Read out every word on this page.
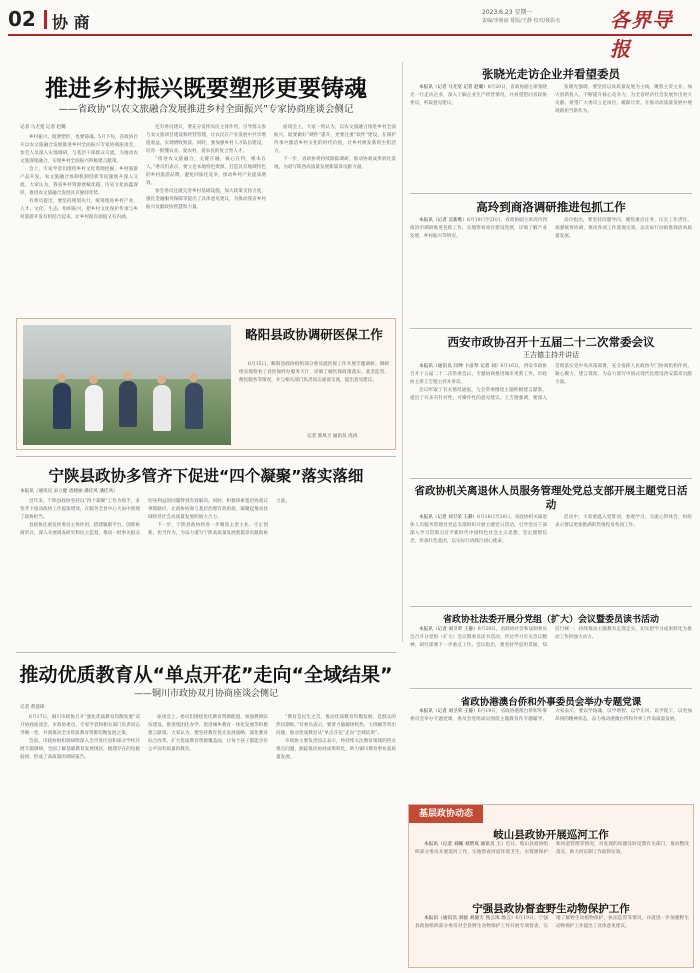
02 协 商
2023.6.23 星期一
责编/李萌丽 排版/王静 校对/聂影名 各界导报
推进乡村振兴既要塑形更要铸魂
——省政协“以农文旅融合发展推进乡村全面振兴”专家协商座谈会侧记
记者 马尤宽 记者 赵璐

乡村振兴，既要塑形，也要铸魂。5月下旬，省政协召开以农文旅融合发展推进乡村全面振兴专家协商座谈会，参会人员深入实地调研，与基层干部群众交流，为推动农文旅深度融合、实现乡村全面振兴积极建言献策。

会上，专家学者们围绕乡村文化资源挖掘、乡村旅游产品开发、农文旅融合体制机制创新等问题展开深入交流。大家认为，我省乡村资源禀赋优越，历史文化底蕴深厚，推进农文旅融合发展具有独特优势。

有委员提出，要坚持规划先行，统筹推进乡村产业、人才、文化、生态、组织振兴，把乡村文化保护传承与乡村旅游开发有机结合起来，让乡村既有颜值又有内涵。

还有委员建议，要充分发挥农民主体作用，引导群众参与农文旅项目建设和经营管理，让农民在产业发展中共享增值收益，实现增收致富。同时，要加强乡村人才队伍建设，培育一批懂农业、爱农村、爱农民的复合型人才。

“推进农文旅融合，关键在融，核心在特，根本在人。”委员们表示，要立足本地特色资源，打造具有地域特色的乡村旅游品牌，避免同质化竞争，推动乡村产业提质增效。

参会委员还就完善乡村基础设施、加大政策支持力度、强化金融服务保障等提出了具体意见建议，为推动我省乡村振兴贡献政协智慧和力量。

座谈会上，大家一致认为，以农文旅融合推进乡村全面振兴，既要做好“硬件”提升，更要注重“软件”建设，在保护传承中激活乡村文化的时代价值，让乡村焕发新的生机活力。

下一步，省政协将持续跟踪调研，推动协商成果转化落地，为谱写陕西高质量发展新篇章贡献力量。

张晓光走访企业并看望委员

本报讯（记者 马尤宽 记者 赵璐）6月20日，省政协副主席张晓光一行走访企业，深入了解企业生产经营情况，并看望慰问省政协委员，听取意见建议。

张晓光强调，要坚持以高质量发展为主线，聚焦主责主业，加大创新投入，不断提升核心竞争力，为全省经济社会发展作出更大贡献。希望广大委员立足岗位、履职尽责，在推动高质量发展中展现新担当新作为。

高玲到商洛调研推进包抓工作

本报讯（记者 吴新维）6月19日至20日，省政协副主席高玲到商洛市调研推进包抓工作，实地察看项目建设进展，详细了解产业发展、乡村振兴等情况。

高玲指出，要坚持问题导向，聚焦重点任务，压实工作责任，加强统筹协调，推动各项工作落地见效，以实际行动助推商洛高质量发展。

西安市政协召开十五届二十二次常委会议
王吉德主持并讲话

本报讯（通讯员 闫坤 卜彦琴 记者 刘）6月16日，西安市政协召开十五届二十二次常委会议，专题协商推进城市更新工作。市政协主席王吉德主持并讲话。

会议听取了有关情况通报，与会常委围绕主题积极建言献策，提出了许多有针对性、可操作性的意见建议。王吉德强调，要深入贯彻落实党中央决策部署，充分发挥人民政协专门协商机构作用，凝心聚力、建言资政，为奋力谱写中国式现代化建设西安篇章贡献力量。

略阳县政协调研医保工作

6月15日，略阳县政协组织部分委员就医保工作开展专题调研。调研组实地察看了县医保经办服务大厅，详细了解医保政策落实、基金监管、便民服务等情况，并与相关部门负责同志座谈交流，提出意见建议。

记者 郭凤天 通讯员 虎涛
省政协机关离退休人员服务管理处党总支部开展主题党日活动

本报讯（记者 刘卫荣 王静）6月16日至20日，省政协机关离退休人员服务管理处党总支部组织开展主题党日活动，引导党员干部深入学习贯彻习近平新时代中国特色社会主义思想，坚定理想信念，传承红色基因，以实际行动践行初心使命。

活动中，大家重温入党誓词，参观学习，交流心得体会，纷纷表示要以更加饱满的热情投身各项工作。

省政协社法委开展分党组（扩大）会议暨委员读书活动

本报讯（记者 刘卫荣 王静）6月20日，省政协社会和法制委员会召开分党组（扩大）会议暨委员读书活动，传达学习有关会议精神，研究部署下一步重点工作。会议指出，要坚持学思用贯通、知信行统一，持续推动主题教育走深走实，切实把学习成果转化为推动工作的强大动力。

省政协港澳台侨和外事委员会举办专题党课

本报讯（记者 刘卫荣 王静）6月19日，省政协港澳台侨和外事委员会举办专题党课，委员会党组成员围绕主题教育作专题辅导。大家表示，要以学铸魂、以学增智、以学正风、以学促干，以更加昂扬的精神状态，奋力推动港澳台侨和外事工作高质量发展。

宁陕县政协多管齐下促进“四个凝聚”落实落细
本报讯（通讯员 宋立健 唐晓丽 潘挂凤 潘挂凤）

近年来，宁陕县政协坚持以“四个凝聚”工作为抓手，多管齐下推动政协工作提质增效，在服务全县中心大局中展现了政协担当。

县政协注重发挥委员主体作用，搭建履职平台，创新协商形式，深入开展调查研究和民主监督，推动一批事关群众切身利益的问题得到有效解决。同时，积极探索基层协商议事新路径，让政协协商与基层治理有效衔接，凝聚起推动县域经济社会高质量发展的强大合力。

下一步，宁陕县政协将进一步聚焦主责主业，守正创新、担当作为，为奋力谱写宁陕高质量发展新篇章贡献政协力量。

推动优质教育从“单点开花”走向“全域结果”
——铜川市政协双月协商座谈会侧记
记者 黄莲锋

6月17日，铜川市政协召开“强化优质教育均衡发展”双月协商座谈会，市政协委员、专家学者和相关部门负责同志齐聚一堂，共商推动全市优质教育资源均衡发展之策。

会前，市政协组织调研组深入全市各区县和部分学校开展专题调研，全面了解基础教育发展现状，梳理存在的短板弱项，形成了高质量的调研报告。

座谈会上，委员们围绕优化教育资源配置、加强教师队伍建设、推进集团化办学、促进城乡教育一体化发展等积极建言献策。大家认为，要坚持教育优先发展战略，深化教育综合改革，扩大优质教育资源覆盖面，让每个孩子都能享有公平而有质量的教育。

“教育是民生之首，推动优质教育均衡发展，是群众的热切期盼。”有委员表示，要着力破解择校热、大班额等突出问题，推动优质教育从“单点开花”走向“全域结果”。

市政协主要负责同志表示，将持续关注教育领域的热点难点问题，跟踪推动协商成果转化，助力铜川教育事业高质量发展。

基层政协动态
岐山县政协开展巡河工作

本报讯（记者 刘曦 刘增岚 通讯员 王）近日，岐山县政协组织部分委员开展巡河工作，实地察看河道环境卫生、水资源保护和河道管理等情况，对发现的问题及时反馈有关部门，推动整改落实，助力河长制工作取得实效。

宁强县政协督查野生动物保护工作

本报讯（通讯员 刘骏 刘骏天 汤云凤 汤云）6月19日，宁强县政协组织部分委员对全县野生动物保护工作开展专项督查，实地了解野生动植物保护、执法监管等情况，并就进一步加强野生动物保护工作提出了具体意见建议。
